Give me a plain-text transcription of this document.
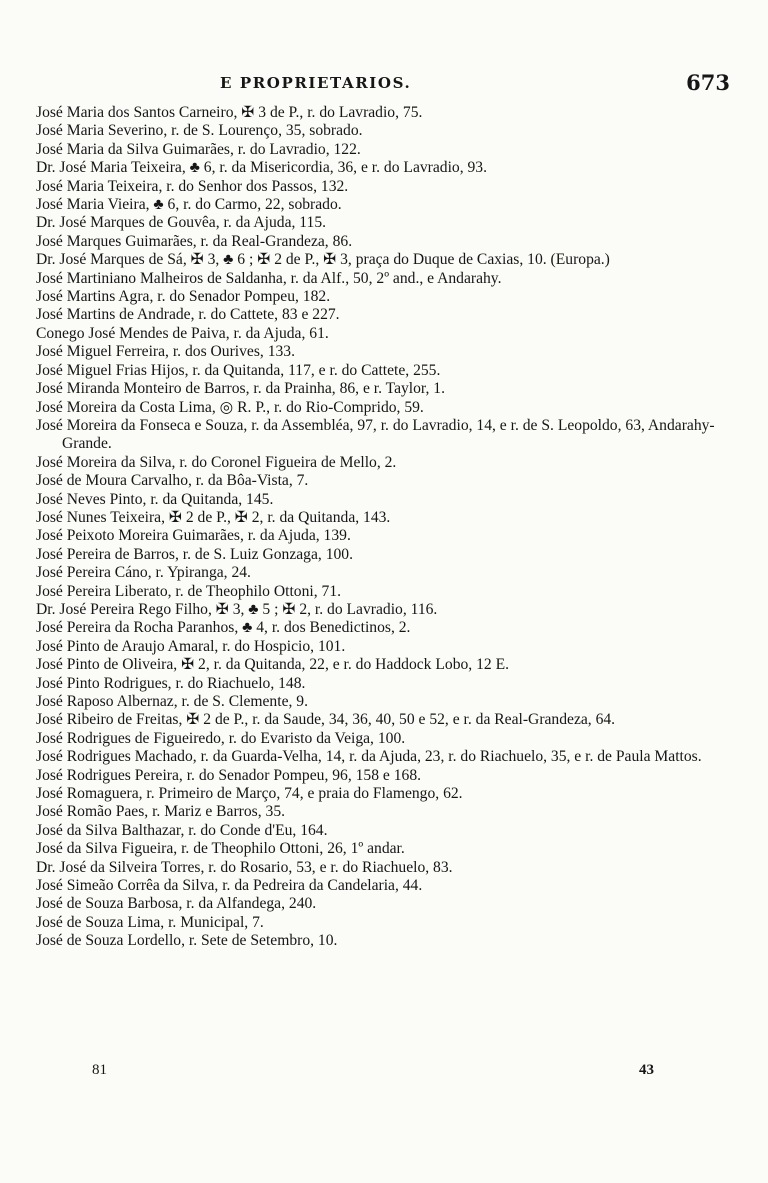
E PROPRIETARIOS.	673
José Maria dos Santos Carneiro, ✠ 3 de P., r. do Lavradio, 75.
José Maria Severino, r. de S. Lourenço, 35, sobrado.
José Maria da Silva Guimarães, r. do Lavradio, 122.
Dr. José Maria Teixeira, ♣ 6, r. da Misericordia, 36, e r. do Lavradio, 93.
José Maria Teixeira, r. do Senhor dos Passos, 132.
José Maria Vieira, ♣ 6, r. do Carmo, 22, sobrado.
Dr. José Marques de Gouvêa, r. da Ajuda, 115.
José Marques Guimarães, r. da Real-Grandeza, 86.
Dr. José Marques de Sá, ✠ 3, ♣ 6 ; ✠ 2 de P., ✠ 3, praça do Duque de Caxias, 10. (Europa.)
José Martiniano Malheiros de Saldanha, r. da Alf., 50, 2º and., e Andarahy.
José Martins Agra, r. do Senador Pompeu, 182.
José Martins de Andrade, r. do Cattete, 83 e 227.
Conego José Mendes de Paiva, r. da Ajuda, 61.
José Miguel Ferreira, r. dos Ourives, 133.
José Miguel Frias Hijos, r. da Quitanda, 117, e r. do Cattete, 255.
José Miranda Monteiro de Barros, r. da Prainha, 86, e r. Taylor, 1.
José Moreira da Costa Lima, ◎ R. P., r. do Rio-Comprido, 59.
José Moreira da Fonseca e Souza, r. da Assembléa, 97, r. do Lavradio, 14, e r. de S. Leopoldo, 63, Andarahy-Grande.
José Moreira da Silva, r. do Coronel Figueira de Mello, 2.
José de Moura Carvalho, r. da Bôa-Vista, 7.
José Neves Pinto, r. da Quitanda, 145.
José Nunes Teixeira, ✠ 2 de P., ✠ 2, r. da Quitanda, 143.
José Peixoto Moreira Guimarães, r. da Ajuda, 139.
José Pereira de Barros, r. de S. Luiz Gonzaga, 100.
José Pereira Cáno, r. Ypiranga, 24.
José Pereira Liberato, r. de Theophilo Ottoni, 71.
Dr. José Pereira Rego Filho, ✠ 3, ♣ 5 ; ✠ 2, r. do Lavradio, 116.
José Pereira da Rocha Paranhos, ♣ 4, r. dos Benedictinos, 2.
José Pinto de Araujo Amaral, r. do Hospicio, 101.
José Pinto de Oliveira, ✠ 2, r. da Quitanda, 22, e r. do Haddock Lobo, 12 E.
José Pinto Rodrigues, r. do Riachuelo, 148.
José Raposo Albernaz, r. de S. Clemente, 9.
José Ribeiro de Freitas, ✠ 2 de P., r. da Saude, 34, 36, 40, 50 e 52, e r. da Real-Grandeza, 64.
José Rodrigues de Figueiredo, r. do Evaristo da Veiga, 100.
José Rodrigues Machado, r. da Guarda-Velha, 14, r. da Ajuda, 23, r. do Riachuelo, 35, e r. de Paula Mattos.
José Rodrigues Pereira, r. do Senador Pompeu, 96, 158 e 168.
José Romaguera, r. Primeiro de Março, 74, e praia do Flamengo, 62.
José Romão Paes, r. Mariz e Barros, 35.
José da Silva Balthazar, r. do Conde d'Eu, 164.
José da Silva Figueira, r. de Theophilo Ottoni, 26, 1º andar.
Dr. José da Silveira Torres, r. do Rosario, 53, e r. do Riachuelo, 83.
José Simeão Corrêa da Silva, r. da Pedreira da Candelaria, 44.
José de Souza Barbosa, r. da Alfandega, 240.
José de Souza Lima, r. Municipal, 7.
José de Souza Lordello, r. Sete de Setembro, 10.
81	43
